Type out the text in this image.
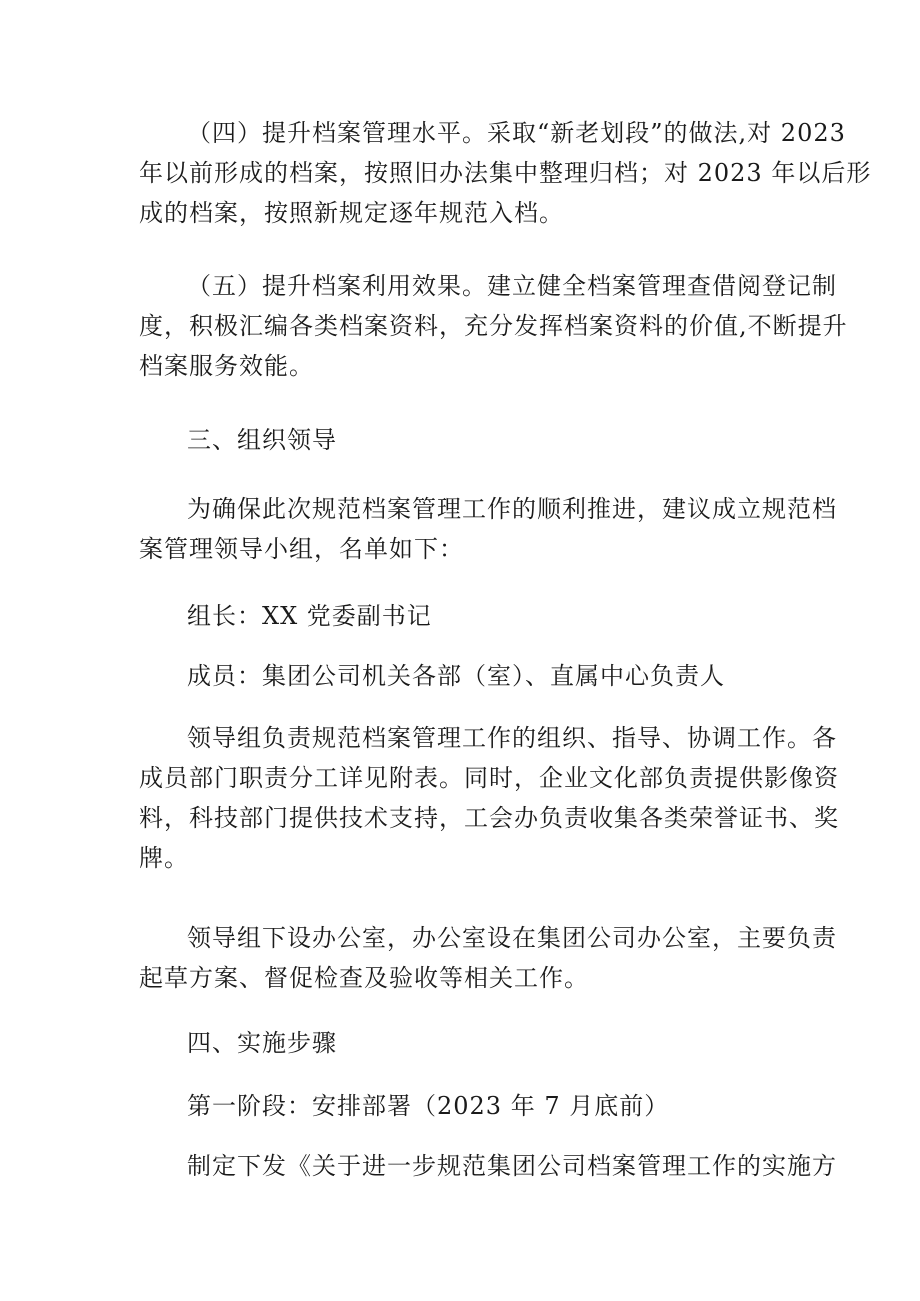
（四）提升档案管理水平。采取“新老划段”的做法,对 2023
年以前形成的档案，按照旧办法集中整理归档；对 2023 年以后形
成的档案，按照新规定逐年规范入档。
（五）提升档案利用效果。建立健全档案管理查借阅登记制
度，积极汇编各类档案资料，充分发挥档案资料的价值,不断提升
档案服务效能。
三、组织领导
为确保此次规范档案管理工作的顺利推进，建议成立规范档
案管理领导小组，名单如下：
组长：XX 党委副书记
成员：集团公司机关各部（室）、直属中心负责人
领导组负责规范档案管理工作的组织、指导、协调工作。各
成员部门职责分工详见附表。同时，企业文化部负责提供影像资
料，科技部门提供技术支持，工会办负责收集各类荣誉证书、奖
牌。
领导组下设办公室，办公室设在集团公司办公室，主要负责
起草方案、督促检查及验收等相关工作。
四、实施步骤
第一阶段：安排部署（2023 年 7 月底前）
制定下发《关于进一步规范集团公司档案管理工作的实施方
